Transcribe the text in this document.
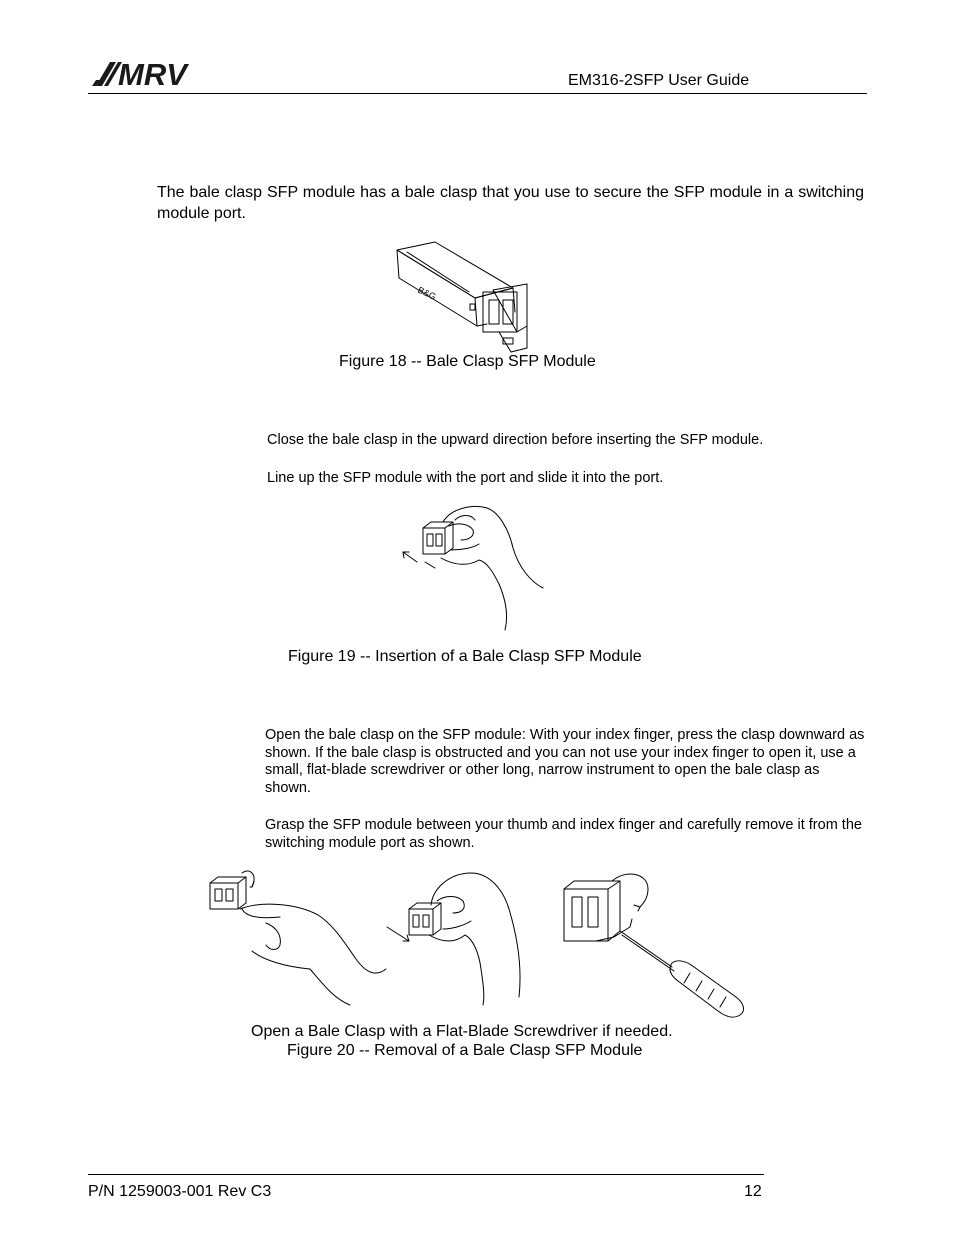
MRV	EM316-2SFP User Guide
The bale clasp SFP module has a bale clasp that you use to secure the SFP module in a switching module port.
B&G
Figure 18 -- Bale Clasp SFP Module
Close the bale clasp in the upward direction before inserting the SFP module.
Line up the SFP module with the port and slide it into the port.
Figure 19 -- Insertion of a Bale Clasp SFP Module
Open the bale clasp on the SFP module: With your index finger, press the clasp downward as shown. If the bale clasp is obstructed and you can not use your index finger to open it, use a small, flat-blade screwdriver or other long, narrow instrument to open the bale clasp as shown.
Grasp the SFP module between your thumb and index finger and carefully remove it from the switching module port as shown.
Open a Bale Clasp with a Flat-Blade Screwdriver if needed.
Figure 20 -- Removal of a Bale Clasp SFP Module
P/N 1259003-001 Rev C3	12
